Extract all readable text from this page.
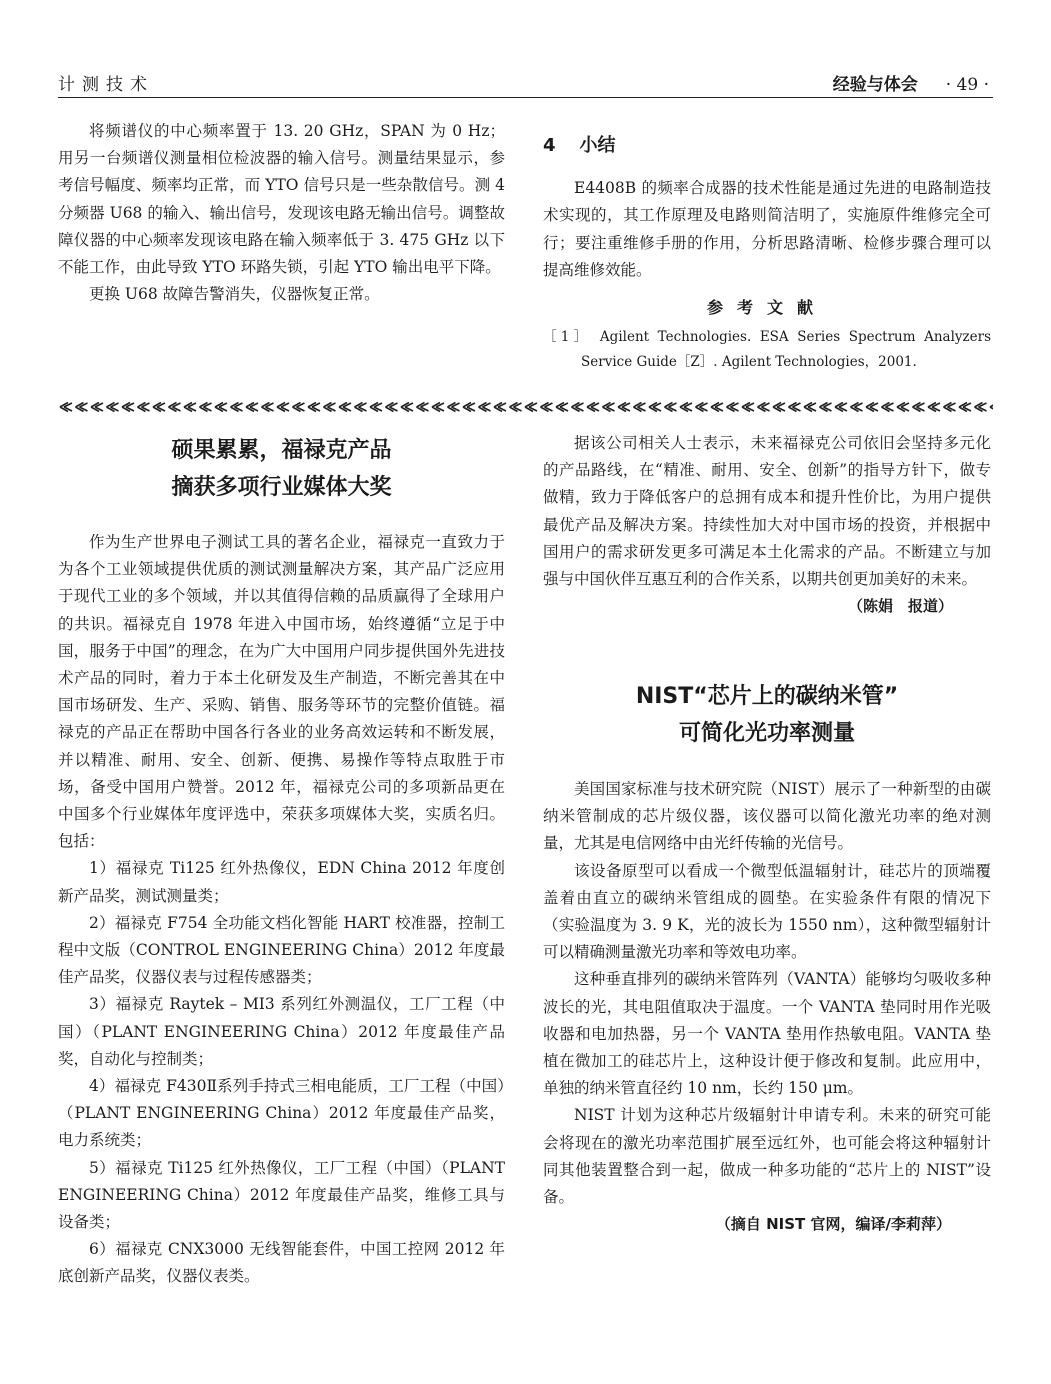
计测技术	经验与体会 · 49 ·

将频谱仪的中心频率置于 13. 20 GHz，SPAN 为 0 Hz；用另一台频谱仪测量相位检波器的输入信号。测量结果显示，参考信号幅度、频率均正常，而 YTO 信号只是一些杂散信号。测 4 分频器 U68 的输入、输出信号，发现该电路无输出信号。调整故障仪器的中心频率发现该电路在输入频率低于 3. 475 GHz 以下不能工作，由此导致 YTO 环路失锁，引起 YTO 输出电平下降。

更换 U68 故障告警消失，仪器恢复正常。

4 小结

E4408B 的频率合成器的技术性能是通过先进的电路制造技术实现的，其工作原理及电路则简洁明了，实施原件维修完全可行；要注重维修手册的作用，分析思路清晰、检修步骤合理可以提高维修效能。

参考文献
［1］ Agilent Technologies. ESA Series Spectrum Analyzers Service Guide［Z］. Agilent Technologies，2001.
硕果累累，福禄克产品
摘获多项行业媒体大奖

作为生产世界电子测试工具的著名企业，福禄克一直致力于为各个工业领域提供优质的测试测量解决方案，其产品广泛应用于现代工业的多个领域，并以其值得信赖的品质赢得了全球用户的共识。福禄克自 1978 年进入中国市场，始终遵循“立足于中国，服务于中国”的理念，在为广大中国用户同步提供国外先进技术产品的同时，着力于本土化研发及生产制造，不断完善其在中国市场研发、生产、采购、销售、服务等环节的完整价值链。福禄克的产品正在帮助中国各行各业的业务高效运转和不断发展，并以精准、耐用、安全、创新、便携、易操作等特点取胜于市场，备受中国用户赞誉。2012 年，福禄克公司的多项新品更在中国多个行业媒体年度评选中，荣获多项媒体大奖，实质名归。包括：

1）福禄克 Ti125 红外热像仪，EDN China 2012 年度创新产品奖，测试测量类；

2）福禄克 F754 全功能文档化智能 HART 校准器，控制工程中文版（CONTROL ENGINEERING China）2012 年度最佳产品奖，仪器仪表与过程传感器类；

3）福禄克 Raytek – MI3 系列红外测温仪，工厂工程（中国）（PLANT ENGINEERING China）2012 年度最佳产品奖，自动化与控制类；

4）福禄克 F430Ⅱ系列手持式三相电能质，工厂工程（中国）（PLANT ENGINEERING China）2012 年度最佳产品奖，电力系统类；

5）福禄克 Ti125 红外热像仪，工厂工程（中国）（PLANT ENGINEERING China）2012 年度最佳产品奖，维修工具与设备类；

6）福禄克 CNX3000 无线智能套件，中国工控网 2012 年底创新产品奖，仪器仪表类。

据该公司相关人士表示，未来福禄克公司依旧会坚持多元化的产品路线，在“精准、耐用、安全、创新”的指导方针下，做专做精，致力于降低客户的总拥有成本和提升性价比，为用户提供最优产品及解决方案。持续性加大对中国市场的投资，并根据中国用户的需求研发更多可满足本土化需求的产品。不断建立与加强与中国伙伴互惠互利的合作关系，以期共创更加美好的未来。

（陈娟　报道）
NIST“芯片上的碳纳米管”
可简化光功率测量

美国国家标准与技术研究院（NIST）展示了一种新型的由碳纳米管制成的芯片级仪器，该仪器可以简化激光功率的绝对测量，尤其是电信网络中由光纤传输的光信号。

该设备原型可以看成一个微型低温辐射计，硅芯片的顶端覆盖着由直立的碳纳米管组成的圆垫。在实验条件有限的情况下（实验温度为 3. 9 K，光的波长为 1550 nm），这种微型辐射计可以精确测量激光功率和等效电功率。

这种垂直排列的碳纳米管阵列（VANTA）能够均匀吸收多种波长的光，其电阻值取决于温度。一个 VANTA 垫同时用作光吸收器和电加热器，另一个 VANTA 垫用作热敏电阻。VANTA 垫植在微加工的硅芯片上，这种设计便于修改和复制。此应用中，单独的纳米管直径约 10 nm，长约 150 μm。

NIST 计划为这种芯片级辐射计申请专利。未来的研究可能会将现在的激光功率范围扩展至远红外，也可能会将这种辐射计同其他装置整合到一起，做成一种多功能的“芯片上的 NIST”设备。

（摘自 NIST 官网，编译/李莉萍）
